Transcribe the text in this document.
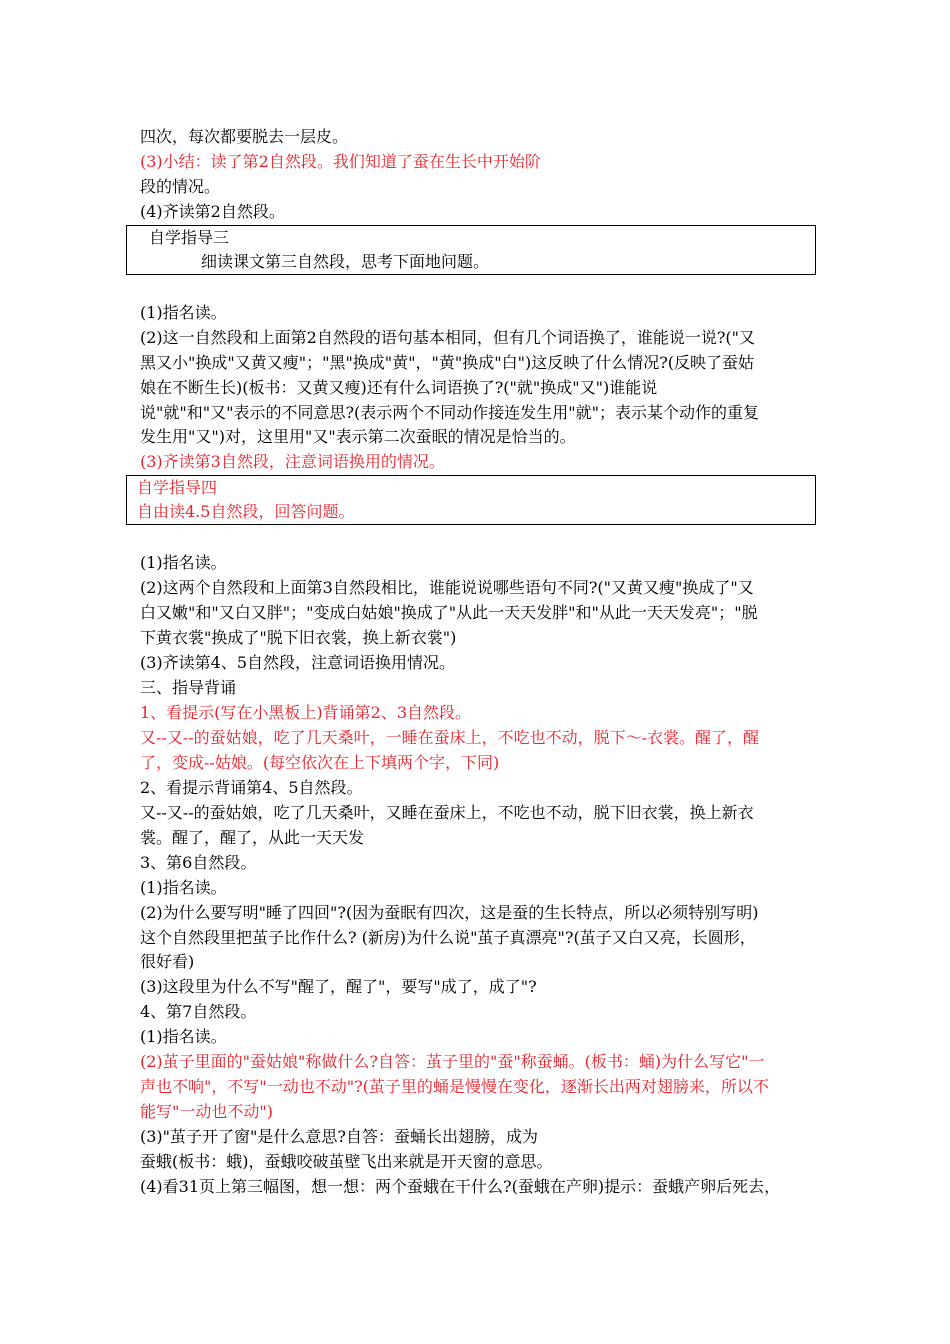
四次，每次都要脱去一层皮。
(3)小结：读了第2自然段。我们知道了蚕在生长中开始阶
段的情况。
(4)齐读第2自然段。
自学指导三
细读课文第三自然段，思考下面地问题。
(1)指名读。
(2)这一自然段和上面第2自然段的语句基本相同，但有几个词语换了，谁能说一说?("又
黑又小"换成"又黄又瘦"；"黑"换成"黄"，"黄"换成"白")这反映了什么情况?(反映了蚕姑
娘在不断生长)(板书：又黄又瘦)还有什么词语换了?("就"换成"又")谁能说
说"就"和"又"表示的不同意思?(表示两个不同动作接连发生用"就"；表示某个动作的重复
发生用"又")对，这里用"又"表示第二次蚕眠的情况是恰当的。
(3)齐读第3自然段，注意词语换用的情况。
自学指导四
自由读4.5自然段，回答问题。
(1)指名读。
(2)这两个自然段和上面第3自然段相比，谁能说说哪些语句不同?("又黄又瘦"换成了"又
白又嫩"和"又白又胖"；"变成白姑娘"换成了"从此一天天发胖"和"从此一天天发亮"；"脱
下黄衣裳"换成了"脱下旧衣裳，换上新衣裳")
(3)齐读第4、5自然段，注意词语换用情况。
三、指导背诵
1、看提示(写在小黑板上)背诵第2、3自然段。
又--又--的蚕姑娘，吃了几天桑叶，一睡在蚕床上，不吃也不动，脱下～-衣裳。醒了，醒
了，变成--姑娘。(每空依次在上下填两个字，下同)
2、看提示背诵第4、5自然段。
又--又--的蚕姑娘，吃了几天桑叶，又睡在蚕床上，不吃也不动，脱下旧衣裳，换上新衣
裳。醒了，醒了，从此一天天发
3、第6自然段。
(1)指名读。
(2)为什么要写明"睡了四回"?(因为蚕眠有四次，这是蚕的生长特点，所以必须特别写明)
这个自然段里把茧子比作什么? (新房)为什么说"茧子真漂亮"?(茧子又白又亮，长圆形，
很好看)
(3)这段里为什么不写"醒了，醒了"，要写"成了，成了"?
4、第7自然段。
(1)指名读。
(2)茧子里面的"蚕姑娘"称做什么?自答：茧子里的"蚕"称蚕蛹。(板书：蛹)为什么写它"一
声也不响"，不写"一动也不动"?(茧子里的蛹是慢慢在变化，逐渐长出两对翅膀来，所以不
能写"一动也不动")
(3)"茧子开了窗"是什么意思?自答：蚕蛹长出翅膀，成为
蚕蛾(板书：蛾)，蚕蛾咬破茧壁飞出来就是开天窗的意思。
(4)看31页上第三幅图，想一想：两个蚕蛾在干什么?(蚕蛾在产卵)提示：蚕蛾产卵后死去，
